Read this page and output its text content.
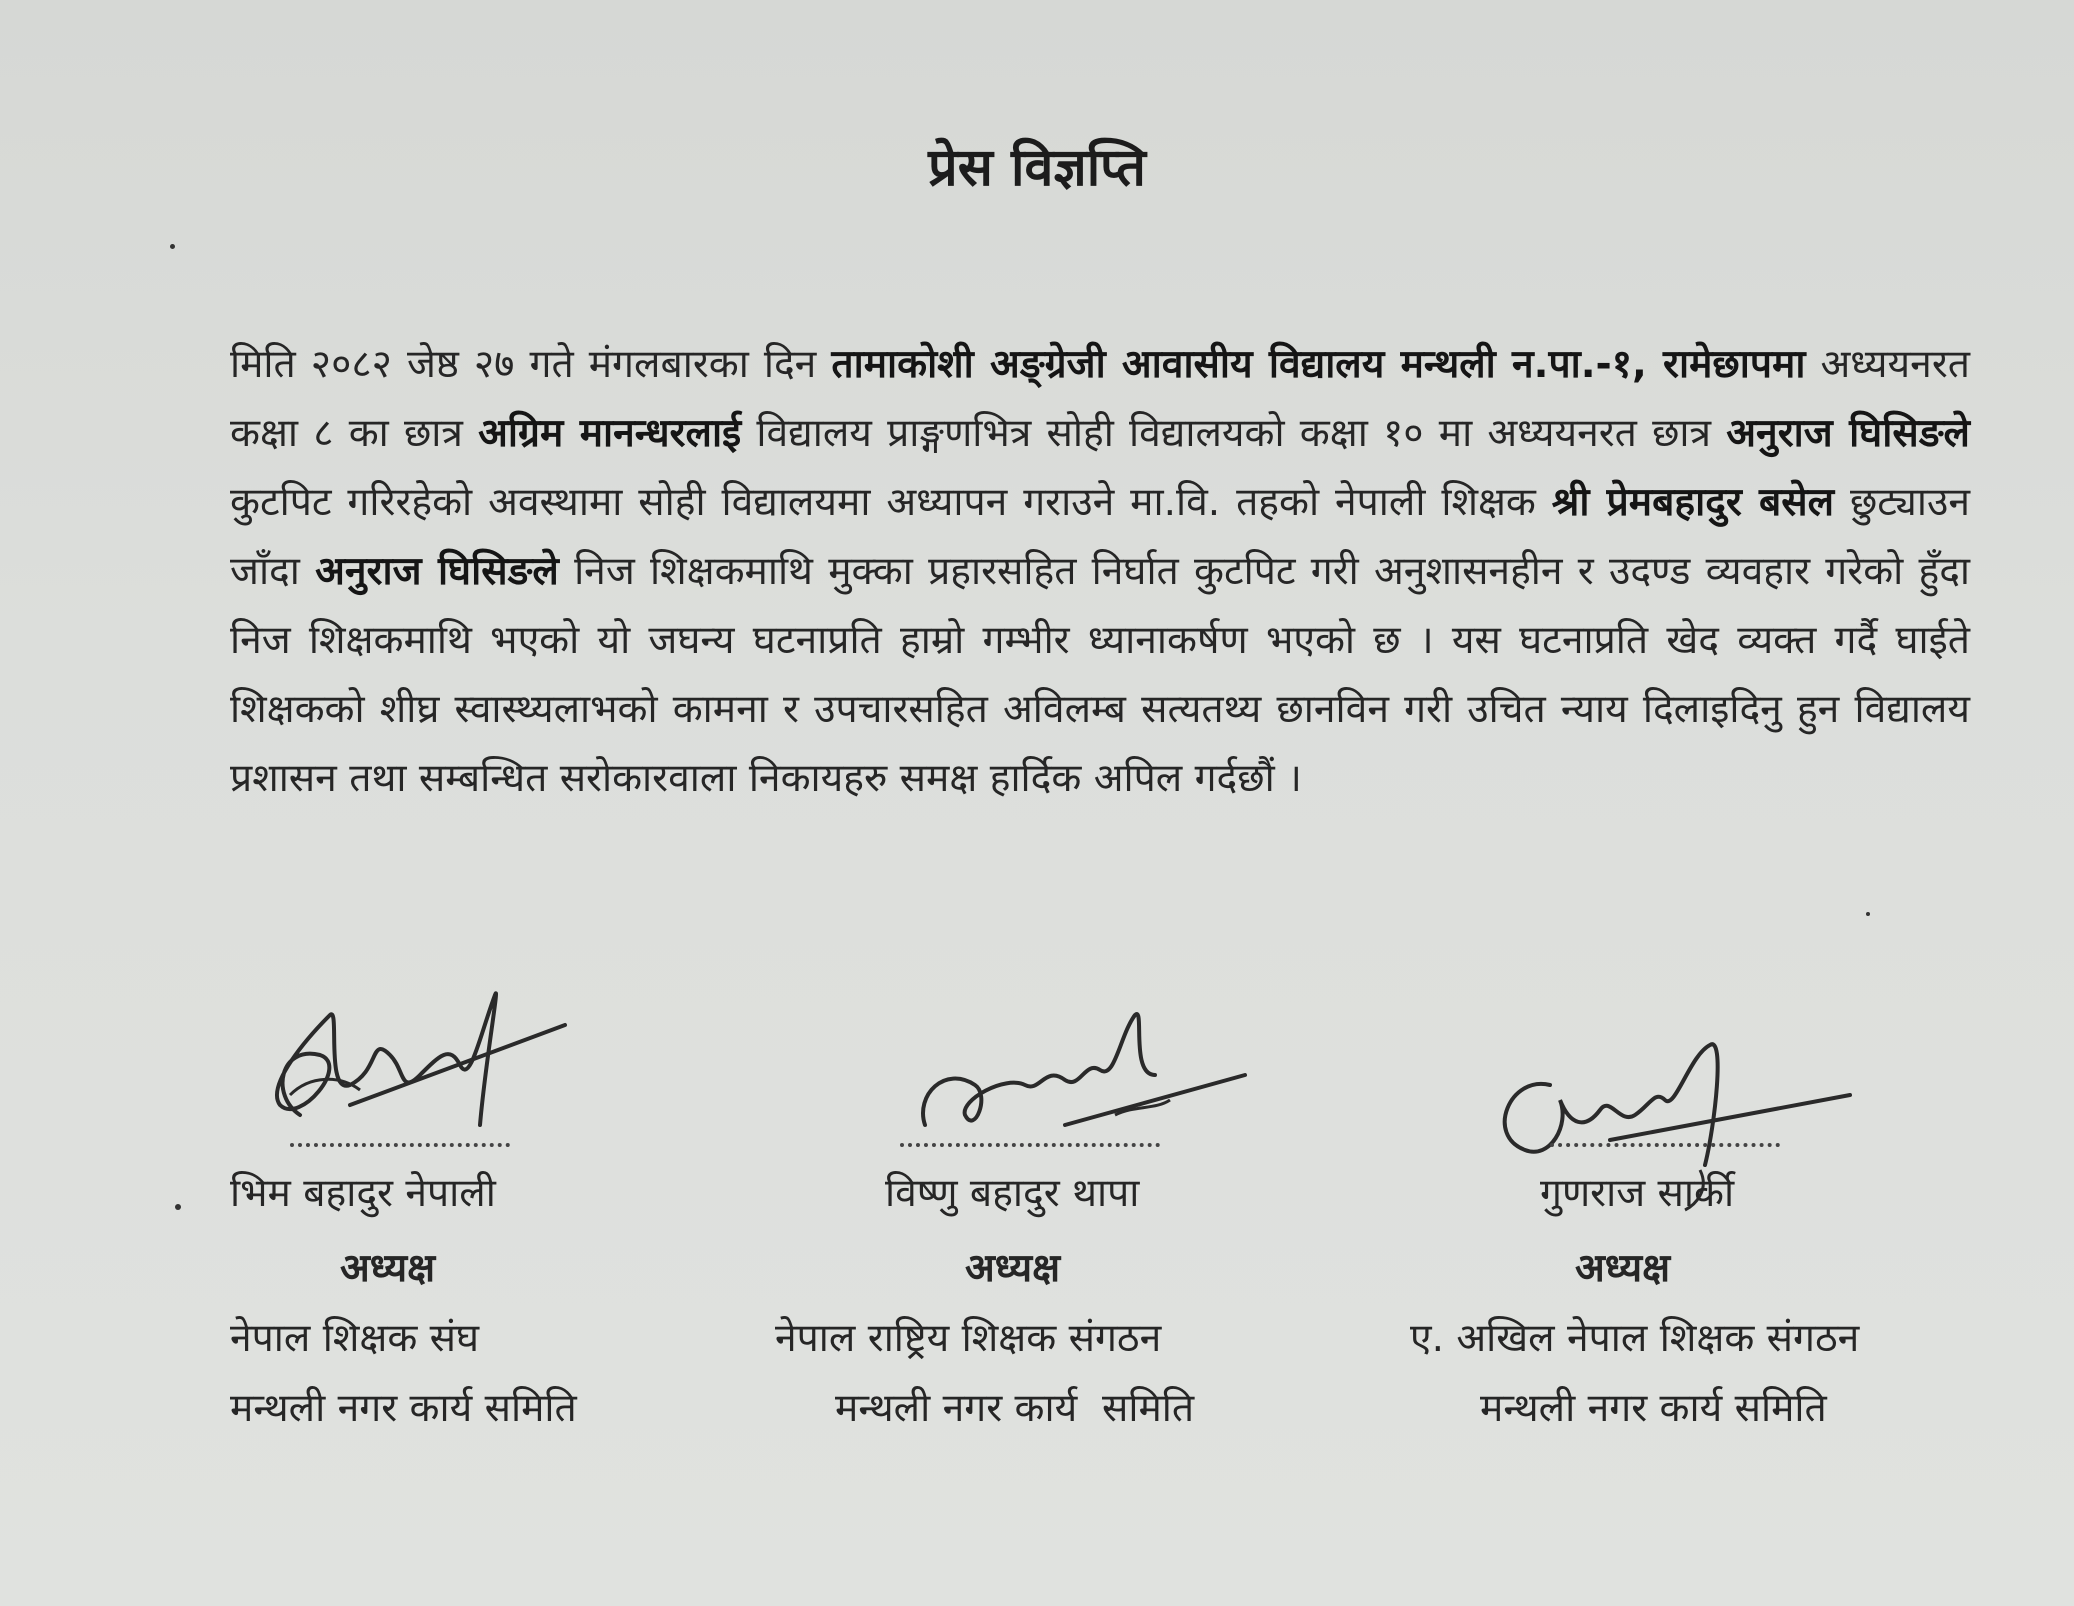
प्रेस विज्ञप्ति
मिति २०८२ जेष्ठ २७ गते मंगलबारका दिन तामाकोशी अङ्ग्रेजी आवासीय विद्यालय मन्थली न.पा.-१, रामेछापमा अध्ययनरत कक्षा ८ का छात्र अग्रिम मानन्धरलाई विद्यालय प्राङ्गणभित्र सोही विद्यालयको कक्षा १० मा अध्ययनरत छात्र अनुराज घिसिङले कुटपिट गरिरहेको अवस्थामा सोही विद्यालयमा अध्यापन गराउने मा.वि. तहको नेपाली शिक्षक श्री प्रेमबहादुर बसेल छुट्याउन जाँदा अनुराज घिसिङले निज शिक्षकमाथि मुक्का प्रहारसहित निर्घात कुटपिट गरी अनुशासनहीन र उदण्ड व्यवहार गरेको हुँदा निज शिक्षकमाथि भएको यो जघन्य घटनाप्रति हाम्रो गम्भीर ध्यानाकर्षण भएको छ । यस घटनाप्रति खेद व्यक्त गर्दै घाईते शिक्षकको शीघ्र स्वास्थ्यलाभको कामना र उपचारसहित अविलम्ब सत्यतथ्य छानविन गरी उचित न्याय दिलाइदिनु हुन विद्यालय प्रशासन तथा सम्बन्धित सरोकारवाला निकायहरु समक्ष हार्दिक अपिल गर्दछौं ।
भिम बहादुर नेपाली
अध्यक्ष
नेपाल शिक्षक संघ
मन्थली नगर कार्य समिति
विष्णु बहादुर थापा
अध्यक्ष
नेपाल राष्ट्रिय शिक्षक संगठन
मन्थली नगर कार्य  समिति
गुणराज सार्की
अध्यक्ष
ए. अखिल नेपाल शिक्षक संगठन
मन्थली नगर कार्य समिति
